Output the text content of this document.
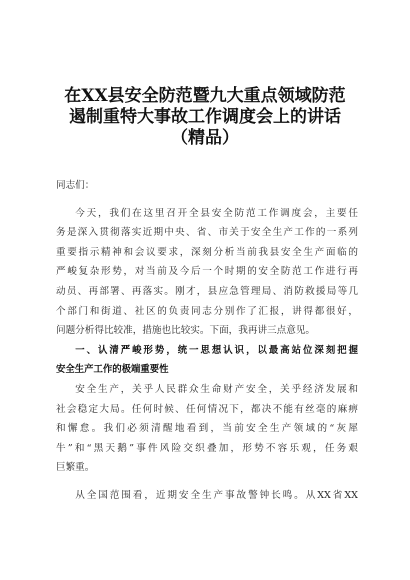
在XX县安全防范暨九大重点领域防范
遏制重特大事故工作调度会上的讲话
（精品）
同志们：
今天，我们在这里召开全县安全防范工作调度会，主要任
务是深入贯彻落实近期中央、省、市关于安全生产工作的一系列
重要指示精神和会议要求，深刻分析当前我县安全生产面临的
严峻复杂形势，对当前及今后一个时期的安全防范工作进行再
动员、再部署、再落实。刚才，县应急管理局、消防救援局等几
个部门和街道、社区的负责同志分别作了汇报，讲得都很好，
问题分析得比较准，措施也比较实。下面，我再讲三点意见。
一、认清严峻形势，统一思想认识，以最高站位深刻把握
安全生产工作的极端重要性
安全生产，关乎人民群众生命财产安全，关乎经济发展和
社会稳定大局。任何时候、任何情况下，都决不能有丝毫的麻痹
和懈怠。我们必须清醒地看到，当前安全生产领域的“灰犀
牛”和“黑天鹅”事件风险交织叠加，形势不容乐观，任务艰
巨繁重。
从全国范围看，近期安全生产事故警钟长鸣。从XX省XX
